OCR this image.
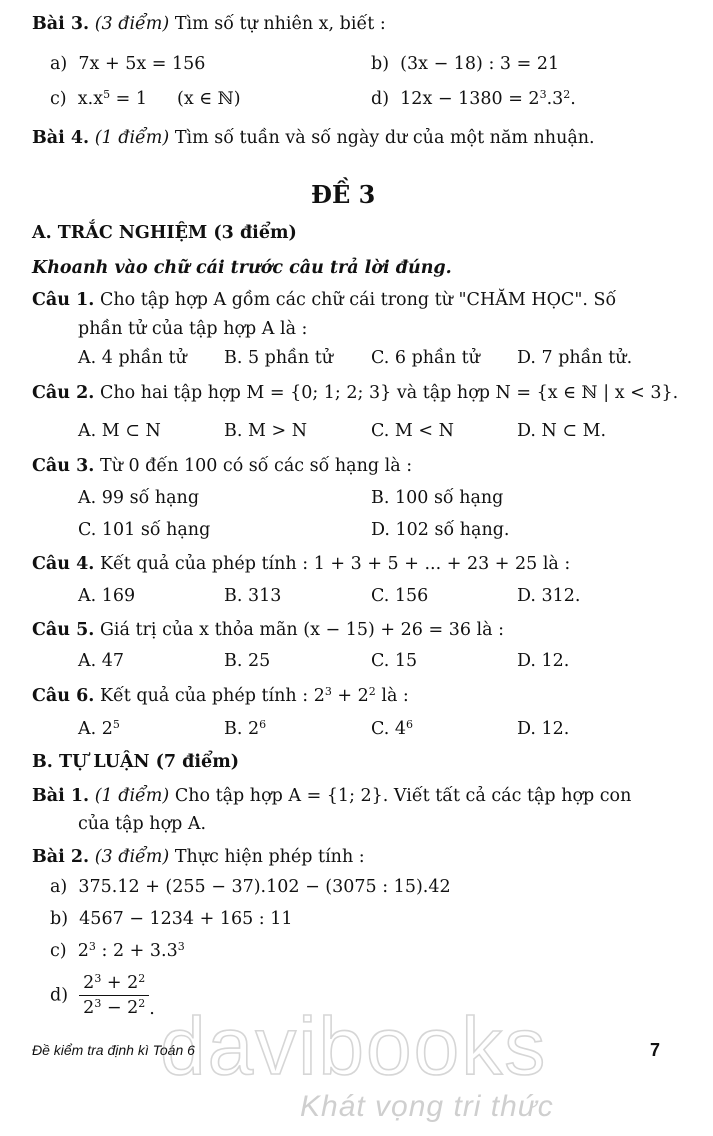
Bài 3. (3 điểm) Tìm số tự nhiên x, biết :
a) 7x + 5x = 156	b) (3x − 18) : 3 = 21
c) $x.x^5 = 1$ (x ∈ ℕ)	d) $12x - 1380 = 2^3.3^2$.
Bài 4. (1 điểm) Tìm số tuần và số ngày dư của một năm nhuận.
ĐỀ 3
A. TRẮC NGHIỆM (3 điểm)
Khoanh vào chữ cái trước câu trả lời đúng.
Câu 1. Cho tập hợp A gồm các chữ cái trong từ "CHĂM HỌC". Số
phần tử của tập hợp A là :
A. 4 phần tử B. 5 phần tử C. 6 phần tử D. 7 phần tử.
Câu 2. Cho hai tập hợp M = {0; 1; 2; 3} và tập hợp N = {x ∈ ℕ | x < 3}.
A. M ⊂ N	B. M > N	C. M < N	D. N ⊂ M.
Câu 3. Từ 0 đến 100 có số các số hạng là :
A. 99 số hạng	B. 100 số hạng
C. 101 số hạng	D. 102 số hạng.
Câu 4. Kết quả của phép tính : 1 + 3 + 5 + ... + 23 + 25 là :
A. 169	B. 313	C. 156	D. 312.
Câu 5. Giá trị của x thỏa mãn (x − 15) + 26 = 36 là :
A. 47	B. 25	C. 15	D. 12.
Câu 6. Kết quả của phép tính : $2^3 + 2^2$ là :
A. $2^5$	B. $2^6$	C. $4^6$	D. 12.
B. TỰ LUẬN (7 điểm)
Bài 1. (1 điểm) Cho tập hợp A = {1; 2}. Viết tất cả các tập hợp con
của tập hợp A.
Bài 2. (3 điểm) Thực hiện phép tính :
a) 375.12 + (255 − 37).102 − (3075 : 15).42
b) 4567 − 1234 + 165 : 11
c) $2^3$ : $2 + 3.3^3$
$d) \frac{2^3 + 2^2}{2^3 - 2^2}$ . davibooks
Khát vọng tri thức
Đề kiểm tra định kì Toán 6	7
